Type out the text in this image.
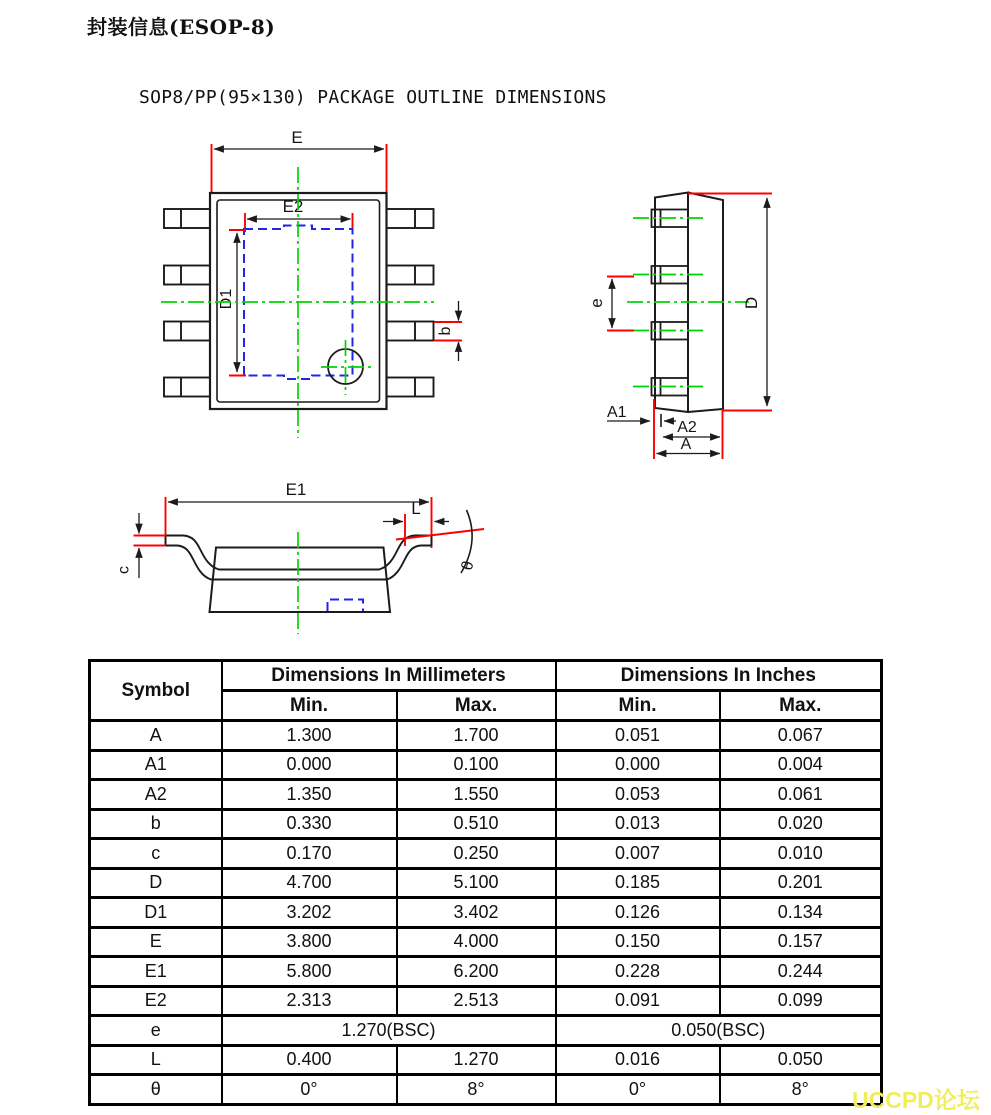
封装信息(ESOP-8)
SOP8/PP(95×130) PACKAGE OUTLINE DIMENSIONS
E
E2
D1
b
D
e
A1
A2
A
E1
c
L
θ
Symbol	Dimensions In Millimeters		Dimensions In Inches	
	Min.	Max.	Min.	Max.
A	1.300	1.700	0.051	0.067
A1	0.000	0.100	0.000	0.004
A2	1.350	1.550	0.053	0.061
b	0.330	0.510	0.013	0.020
c	0.170	0.250	0.007	0.010
D	4.700	5.100	0.185	0.201
D1	3.202	3.402	0.126	0.134
E	3.800	4.000	0.150	0.157
E1	5.800	6.200	0.228	0.244
E2	2.313	2.513	0.091	0.099
e	1.270(BSC)		0.050(BSC)	
L	0.400	1.270	0.016	0.050
θ	0°	8°	0°	8° UCCPD论坛
